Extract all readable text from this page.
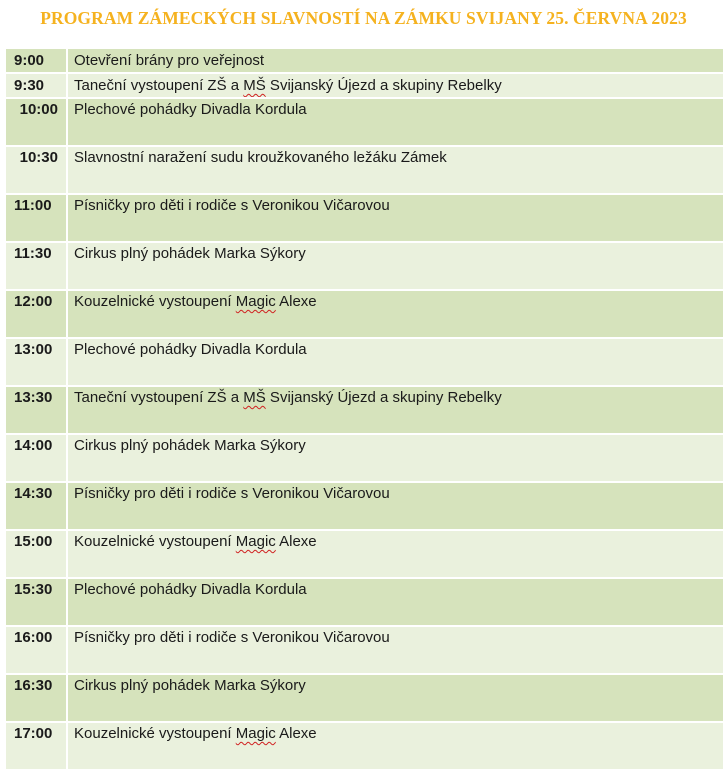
PROGRAM ZÁMECKÝCH SLAVNOSTÍ NA ZÁMKU SVIJANY 25. ČERVNA 2023
9:00	Otevření brány pro veřejnost
9:30	Taneční vystoupení ZŠ a MŠ Svijanský Újezd a skupiny Rebelky
10:00	Plechové pohádky Divadla Kordula
10:30	Slavnostní naražení sudu kroužkovaného ležáku Zámek
11:00	Písničky pro děti i rodiče s Veronikou Vičarovou
11:30	Cirkus plný pohádek Marka Sýkory
12:00	Kouzelnické vystoupení Magic Alexe
13:00	Plechové pohádky Divadla Kordula
13:30	Taneční vystoupení ZŠ a MŠ Svijanský Újezd a skupiny Rebelky
14:00	Cirkus plný pohádek Marka Sýkory
14:30	Písničky pro děti i rodiče s Veronikou Vičarovou
15:00	Kouzelnické vystoupení Magic Alexe
15:30	Plechové pohádky Divadla Kordula
16:00	Písničky pro děti i rodiče s Veronikou Vičarovou
16:30	Cirkus plný pohádek Marka Sýkory
17:00	Kouzelnické vystoupení Magic Alexe
